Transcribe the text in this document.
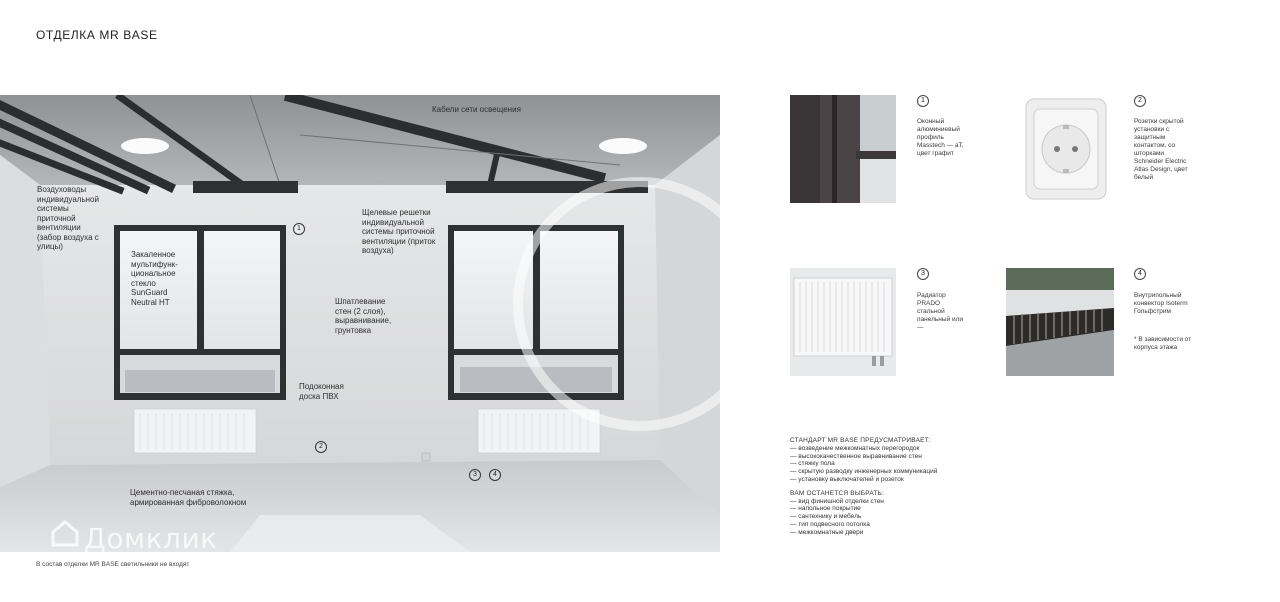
ОТДЕЛКА MR BASE
Кабели сети освещения
Воздуховоды индивидуальной системы приточной вентиляции (забор воздуха с улицы)
Закаленное мультифунк-циональное стекло SunGuard Neutral HT
Щелевые решетки индивидуальной системы приточной вентиляции (приток воздуха)
Шпатлевание стен (2 слоя), выравнивание, грунтовка
Подоконная доска ПВХ
Цементно-песчаная стяжка, армированная фиброволокном
1
2
3	4
Домклик
В состав отделки MR BASE светильники не входят
1
Оконный алюминиевый профиль Masstech — аТ, цвет графит
2
Розетки скрытой установки с защитным контактом, со шторками Schneider Electric Atlas Design, цвет белый
3
Радиатор PRADO стальной панельный или —
4
Внутрипольный конвектор Isoterm Гольфстрим
* В зависимости от корпуса этажа
СТАНДАРТ MR BASE ПРЕДУСМАТРИВАЕТ:
— возведение межкомнатных перегородок
— высококачественное выравнивание стен
— стяжку пола
— скрытую разводку инженерных коммуникаций
— установку выключателей и розеток
ВАМ ОСТАНЕТСЯ ВЫБРАТЬ:
— вид финишной отделки стен
— напольное покрытие
— сантехнику и мебель
— тип подвесного потолка
— межкомнатные двери
